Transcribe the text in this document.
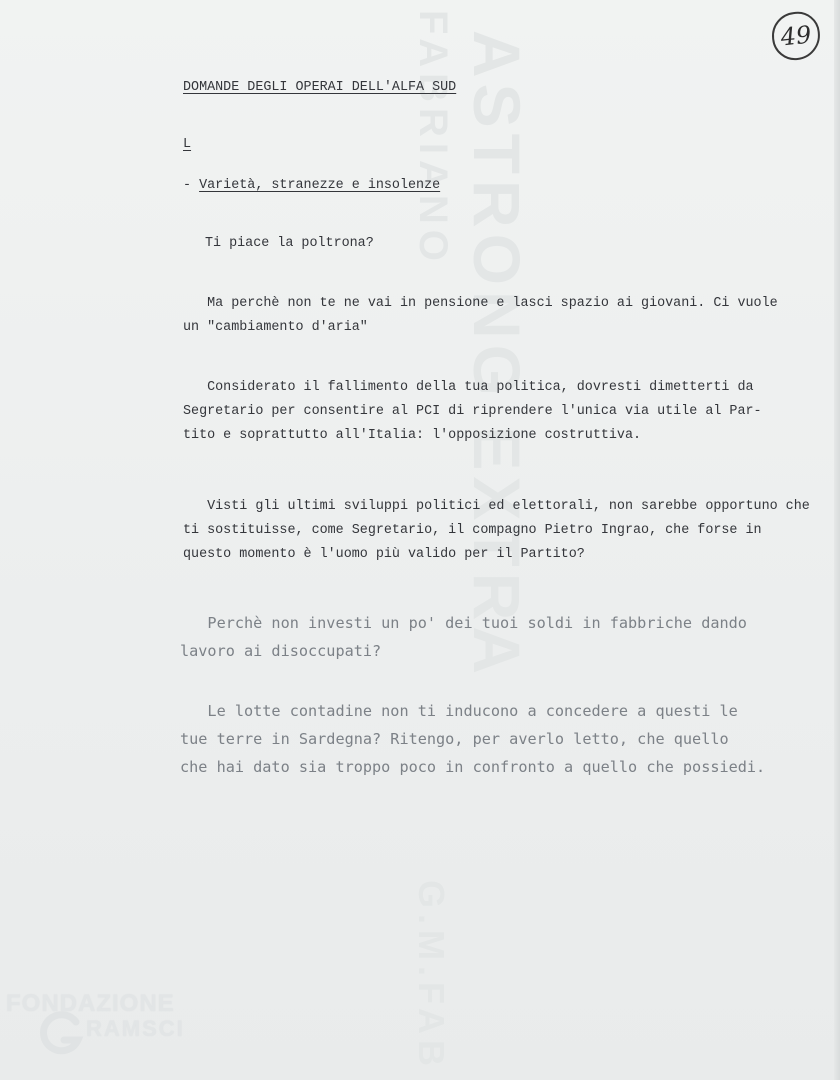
ASTRONG EXTRA
FABRIANO
G.M.FAB
49
DOMANDE DEGLI OPERAI DELL'ALFA SUD
L
- Varietà, stranezze e insolenze
Ti piace la poltrona?
Ma perchè non te ne vai in pensione e lasci spazio ai giovani. Ci vuole
un "cambiamento d'aria"
Considerato il fallimento della tua politica, dovresti dimetterti da
Segretario per consentire al PCI di riprendere l'unica via utile al Par-
tito e soprattutto all'Italia: l'opposizione costruttiva.
Visti gli ultimi sviluppi politici ed elettorali, non sarebbe opportuno che
ti sostituisse, come Segretario, il compagno Pietro Ingrao, che forse in
questo momento è l'uomo più valido per il Partito?
Perchè non investi un po' dei tuoi soldi in fabbriche dando
lavoro ai disoccupati?
Le lotte contadine non ti inducono a concedere a questi le
tue terre in Sardegna? Ritengo, per averlo letto, che quello
che hai dato sia troppo poco in confronto a quello che possiedi.
FONDAZIONE
RAMSCI
